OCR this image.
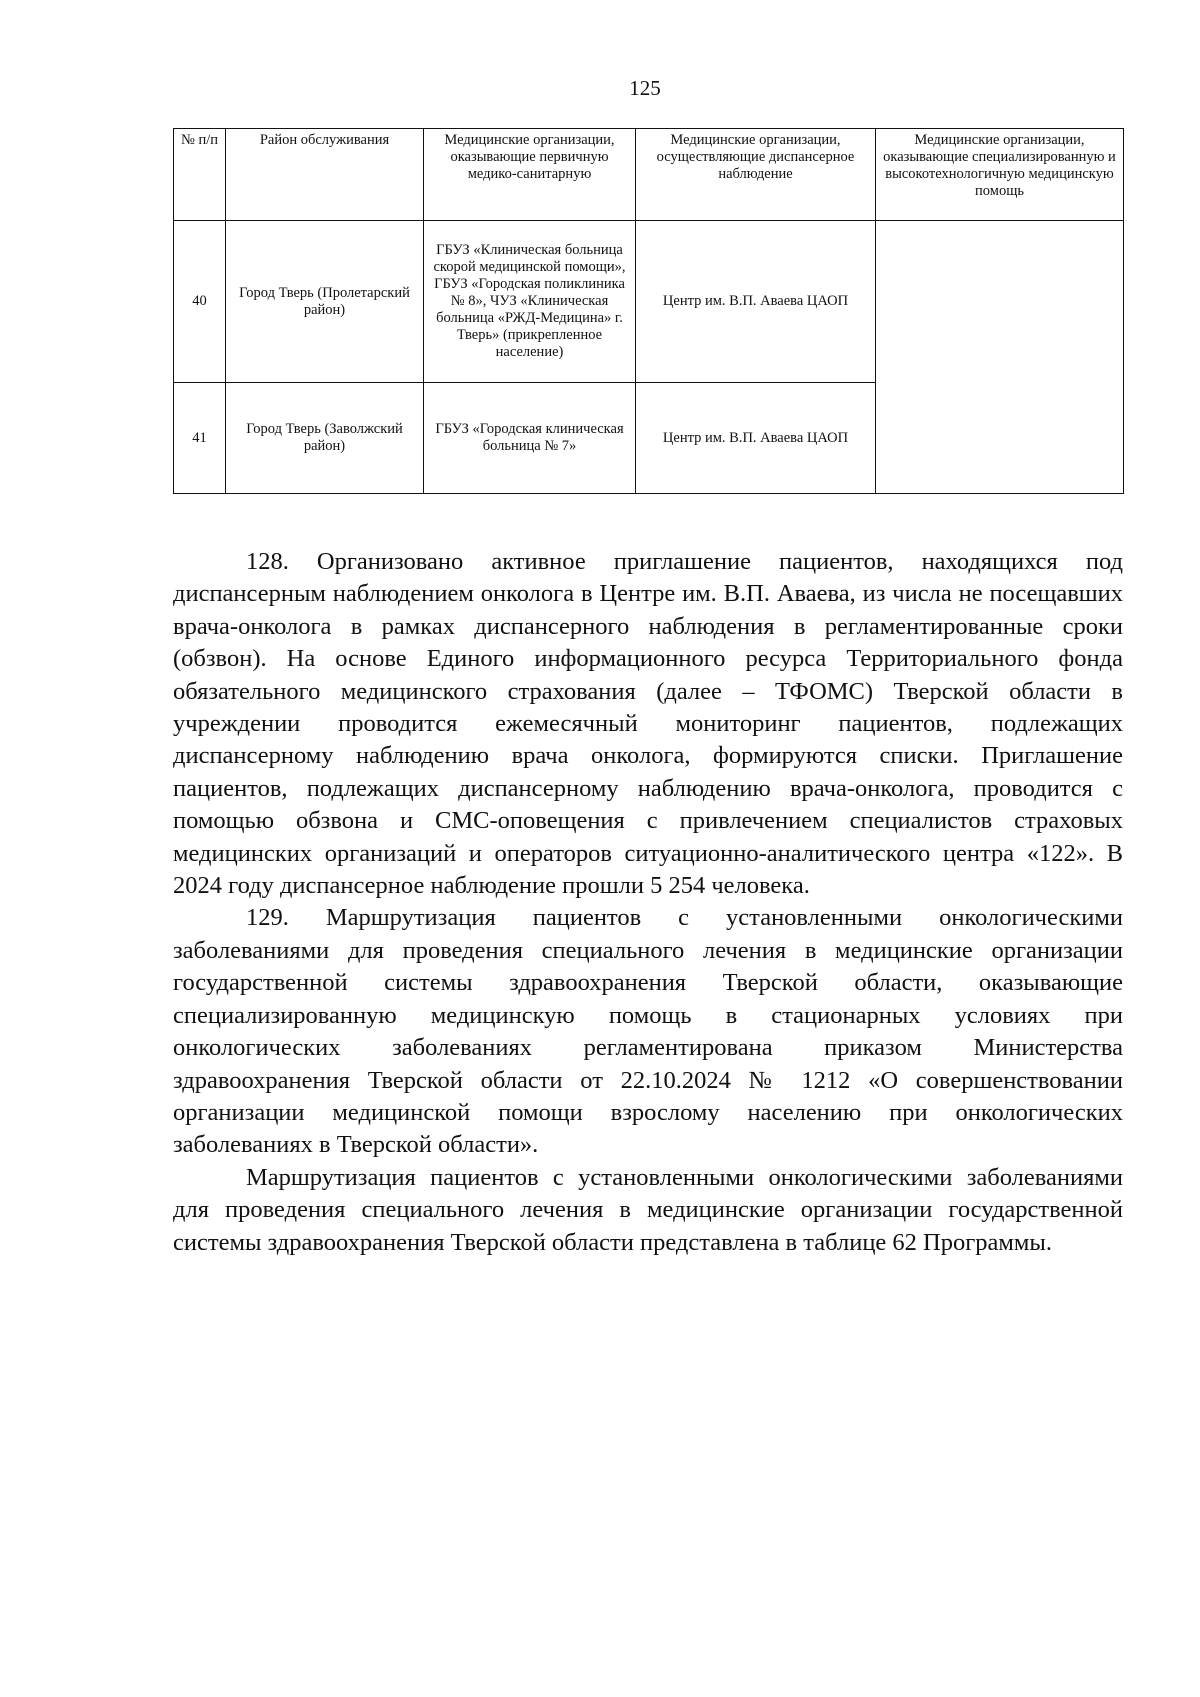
125
№ п/п	Район обслуживания	Медицинские организации, оказывающие первичную медико-санитарную	Медицинские организации, осуществляющие диспансерное наблюдение	Медицинские организации, оказывающие специализированную и высокотехнологичную медицинскую помощь
40	Город Тверь (Пролетарский район)	ГБУЗ «Клиническая больница скорой медицинской помощи», ГБУЗ «Городская поликлиника № 8», ЧУЗ «Клиническая больница «РЖД-Медицина» г. Тверь» (прикрепленное население)	Центр им. В.П. Аваева ЦАОП	
41	Город Тверь (Заволжский район)	ГБУЗ «Городская клиническая больница № 7»	Центр им. В.П. Аваева ЦАОП	

128. Организовано активное приглашение пациентов, находящихся под диспансерным наблюдением онколога в Центре им. В.П. Аваева, из числа не посещавших врача-онколога в рамках диспансерного наблюдения в регламентированные сроки (обзвон). На основе Единого информационного ресурса Территориального фонда обязательного медицинского страхования (далее – ТФОМС) Тверской области в учреждении проводится ежемесячный мониторинг пациентов, подлежащих диспансерному наблюдению врача онколога, формируются списки. Приглашение пациентов, подлежащих диспансерному наблюдению врача-онколога, проводится с помощью обзвона и СМС-оповещения с привлечением специалистов страховых медицинских организаций и операторов ситуационно-аналитического центра «122». В 2024 году диспансерное наблюдение прошли 5 254 человека.

129. Маршрутизация пациентов с установленными онкологическими заболеваниями для проведения специального лечения в медицинские организации государственной системы здравоохранения Тверской области, оказывающие специализированную медицинскую помощь в стационарных условиях при онкологических заболеваниях регламентирована приказом Министерства здравоохранения Тверской области от 22.10.2024 № 1212 «О совершенствовании организации медицинской помощи взрослому населению при онкологических заболеваниях в Тверской области».

Маршрутизация пациентов с установленными онкологическими заболеваниями для проведения специального лечения в медицинские организации государственной системы здравоохранения Тверской области представлена в таблице 62 Программы.
